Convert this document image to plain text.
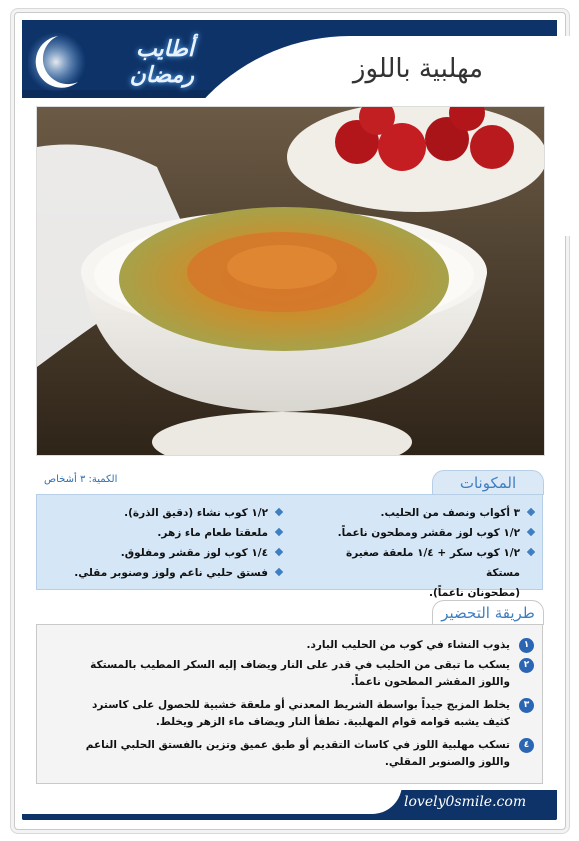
أطايب رمضان	مهلبية باللوز
المكونات
الكمية: ٣ أشخاص
٣ أكواب ونصف من الحليب.
١/٢ كوب لوز مقشر ومطحون ناعماً.
١/٢ كوب سكر + ١/٤ ملعقة صغيرة مستكة
(مطحونان ناعماً).
١/٢ كوب نشاء (دقيق الذرة).
ملعقتا طعام ماء زهر.
١/٤ كوب لوز مقشر ومفلوق.
فستق حلبي ناعم ولوز وصنوبر مقلي.
طريقة التحضير
١
يذوب النشاء في كوب من الحليب البارد.
٢
يسكب ما تبقى من الحليب في قدر على النار ويضاف إليه السكر المطيب بالمستكة واللوز المقشر المطحون ناعماً.
٣
يخلط المزيج جيداً بواسطة الشريط المعدني أو ملعقة خشبية للحصول على كاسترد كثيف يشبه قوامه قوام المهلبية. تطفأ النار ويضاف ماء الزهر ويخلط.
٤
تسكب مهلبية اللوز في كاسات التقديم أو طبق عميق وتزين بالفستق الحلبي الناعم واللوز والصنوبر المقلي.
lovely0smile.com
